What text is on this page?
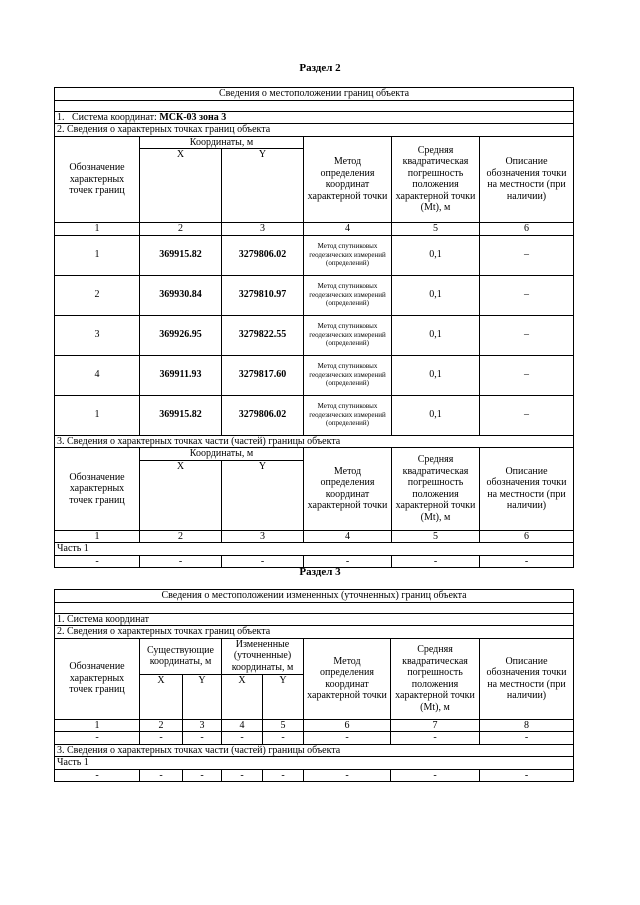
Раздел 2
Сведения о местоположении границ объекта					

1.   Система координат: МСК-03 зона 3					
2. Сведения о характерных точках границ объекта					
Обозначение характерных точек границ	Координаты, м		Метод определения координат характерной точки	Средняя квадратическая погрешность положения характерной точки (Mt), м	Описание обозначения точки на местности (при наличии)
	X	Y			

1	2	3	4	5	6
1	369915.82	3279806.02	Метод спутниковых геодезических измерений (определений)	0,1	–
2	369930.84	3279810.97	Метод спутниковых геодезических измерений (определений)	0,1	–
3	369926.95	3279822.55	Метод спутниковых геодезических измерений (определений)	0,1	–
4	369911.93	3279817.60	Метод спутниковых геодезических измерений (определений)	0,1	–
1	369915.82	3279806.02	Метод спутниковых геодезических измерений (определений)	0,1	–
3. Сведения о характерных точках части (частей) границы объекта					
Обозначение характерных точек границ	Координаты, м		Метод определения координат характерной точки	Средняя квадратическая погрешность положения характерной точки (Mt), м	Описание обозначения точки на местности (при наличии)
	X	Y			

1	2	3	4	5	6
Часть 1					
-	-	-	-	-	-
Раздел 3
Сведения о местоположении измененных (уточненных) границ объекта							

1. Система координат							
2. Сведения о характерных точках границ объекта							
Обозначение характерных точек границ	Существующие координаты, м		Измененные (уточненные) координаты, м		Метод определения координат характерной точки	Средняя квадратическая погрешность положения характерной точки (Mt), м	Описание обозначения точки на местности (при наличии)
	X	Y	X	Y			
1	2	3	4	5	6	7	8
-	-	-	-	-	-	-	-
3. Сведения о характерных точках части (частей) границы объекта							
Часть 1							
-	-	-	-	-	-	-	-
